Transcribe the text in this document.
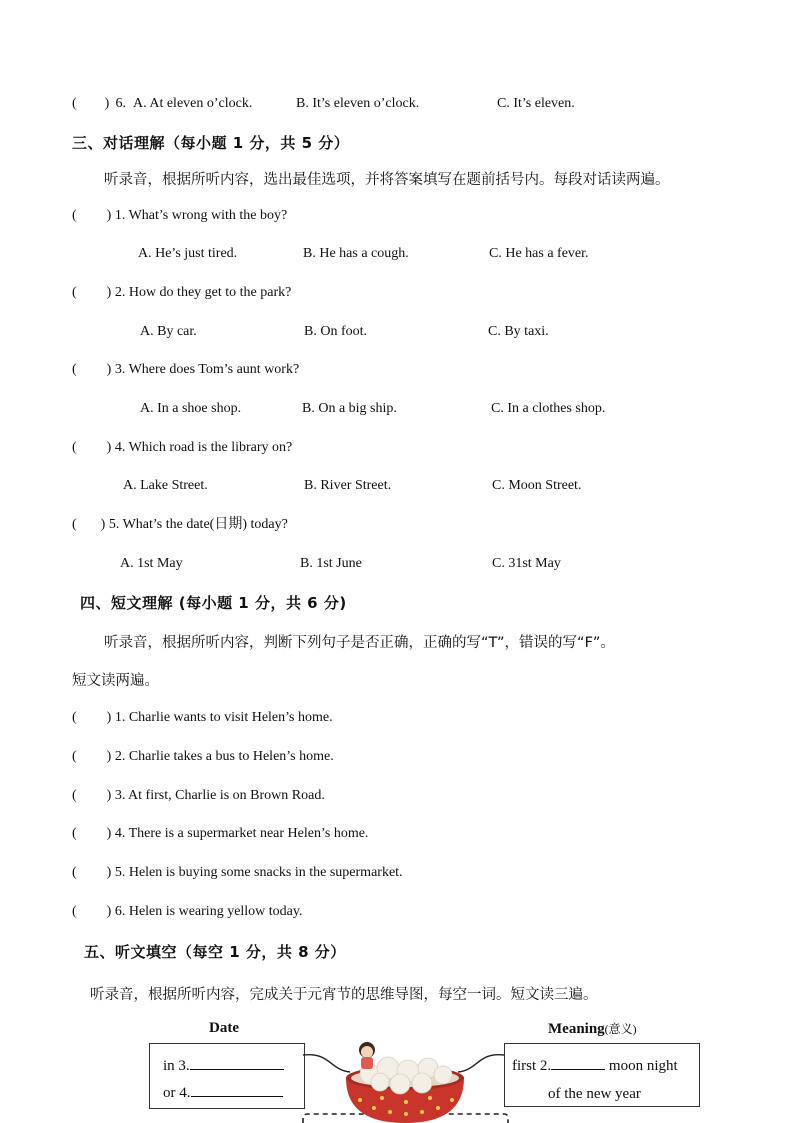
( ) 6. A. At eleven o’clock.	B. It’s eleven o’clock.	C. It’s eleven.
三、对话理解（每小题 1 分，共 5 分）
听录音，根据所听内容，选出最佳选项，并将答案填写在题前括号内。每段对话读两遍。
( ) 1. What’s wrong with the boy?
A. He’s just tired.	B. He has a cough.	C. He has a fever.
( ) 2. How do they get to the park?
A. By car.	B. On foot.	C. By taxi.
( ) 3. Where does Tom’s aunt work?
A. In a shoe shop.	B. On a big ship.	C. In a clothes shop.
( ) 4. Which road is the library on?
A. Lake Street.	B. River Street.	C. Moon Street.
( ) 5. What’s the date(日期) today?
A. 1st May	B. 1st June	C. 31st May
四、短文理解 (每小题 1 分，共 6 分)
听录音，根据所听内容，判断下列句子是否正确，正确的写“T”，错误的写“F”。
短文读两遍。
( ) 1. Charlie wants to visit Helen’s home.
( ) 2. Charlie takes a bus to Helen’s home.
( ) 3. At first, Charlie is on Brown Road.
( ) 4. There is a supermarket near Helen’s home.
( ) 5. Helen is buying some snacks in the supermarket.
( ) 6. Helen is wearing yellow today.
五、听文填空（每空 1 分，共 8 分）
听录音，根据所听内容，完成关于元宵节的思维导图，每空一词。短文读三遍。
Date	Meaning(意义)
in 3.
or 4.
first 2.	moon night
of the new year
